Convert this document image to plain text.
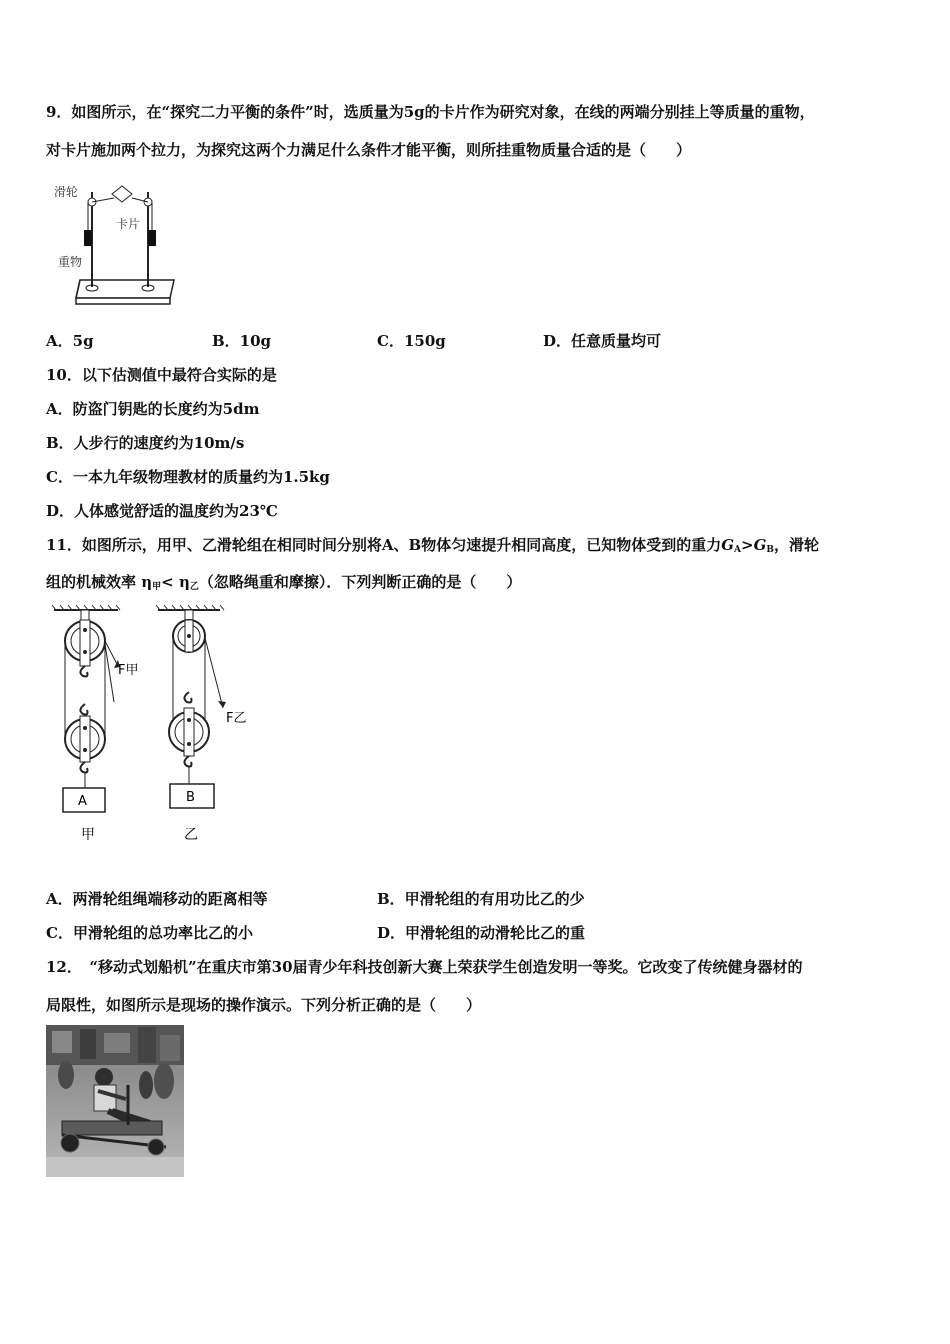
9．如图所示，在“探究二力平衡的条件”时，选质量为5g的卡片作为研究对象，在线的两端分别挂上等质量的重物，
对卡片施加两个拉力，为探究这两个力满足什么条件才能平衡，则所挂重物质量合适的是（　　）
滑轮
卡片
重物
A．5g	B．10g	C．150g	D．任意质量均可
10．以下估测值中最符合实际的是
A．防盗门钥匙的长度约为5dm
B．人步行的速度约为10m/s
C．一本九年级物理教材的质量约为1.5kg
D．人体感觉舒适的温度约为23℃
11．如图所示，用甲、乙滑轮组在相同时间分别将A、B物体匀速提升相同高度，已知物体受到的重力$G_A>G_B$，滑轮
组的机械效率 $\eta_甲< \eta_乙$（忽略绳重和摩擦）．下列判断正确的是（　　）
A
F甲
甲
B
F乙
乙
A．两滑轮组绳端移动的距离相等	B．甲滑轮组的有用功比乙的少
C．甲滑轮组的总功率比乙的小	D．甲滑轮组的动滑轮比乙的重
12．　“移动式划船机”在重庆市第30届青少年科技创新大赛上荣获学生创造发明一等奖。它改变了传统健身器材的
局限性，如图所示是现场的操作演示。下列分析正确的是（　　）
